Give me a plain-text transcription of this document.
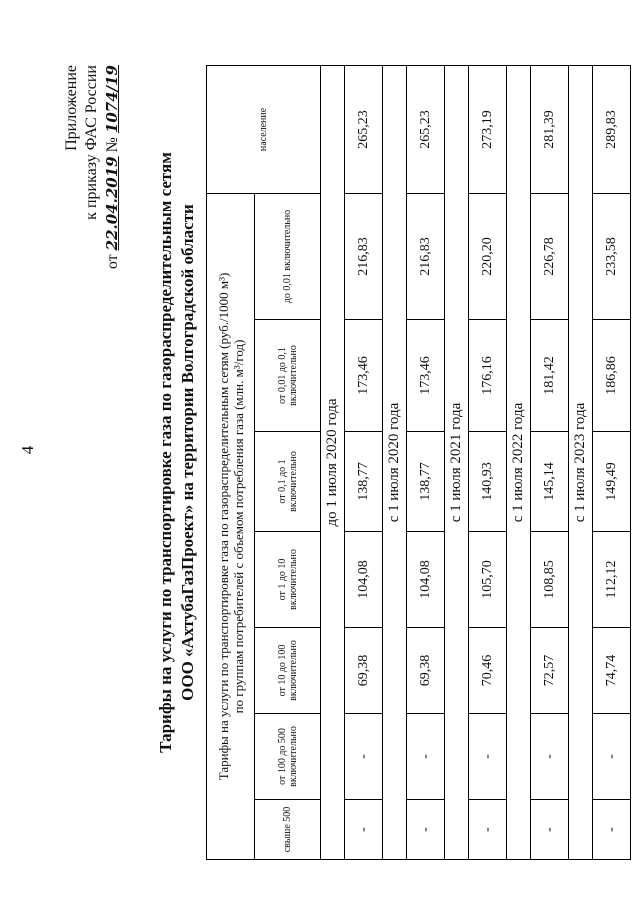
4
Приложение к приказу ФАС России
от 22.04.2019 № 1074/19
Тарифы на услуги по транспортировке газа по газораспределительным сетям ООО «АхтубаГазПроект» на территории Волгоградской области Тарифы на услуги по транспортировке газа по газораспределительным сетям (руб./1000 м³) по группам потребителей с объемом потребления газа (млн. м³/год)							население
свыше 500	от 100 до 500 включительно	от 10 до 100 включительно	от 1 до 10 включительно	от 0,1 до 1 включительно	от 0,01 до 0,1 включительно	до 0,01 включительно	
до 1 июля 2020 года							
-	-	69,38	104,08	138,77	173,46	216,83	265,23
с 1 июля 2020 года							
-	-	69,38	104,08	138,77	173,46	216,83	265,23
с 1 июля 2021 года							
-	-	70,46	105,70	140,93	176,16	220,20	273,19
с 1 июля 2022 года							
-	-	72,57	108,85	145,14	181,42	226,78	281,39
с 1 июля 2023 года							
-	-	74,74	112,12	149,49	186,86	233,58	289,83
